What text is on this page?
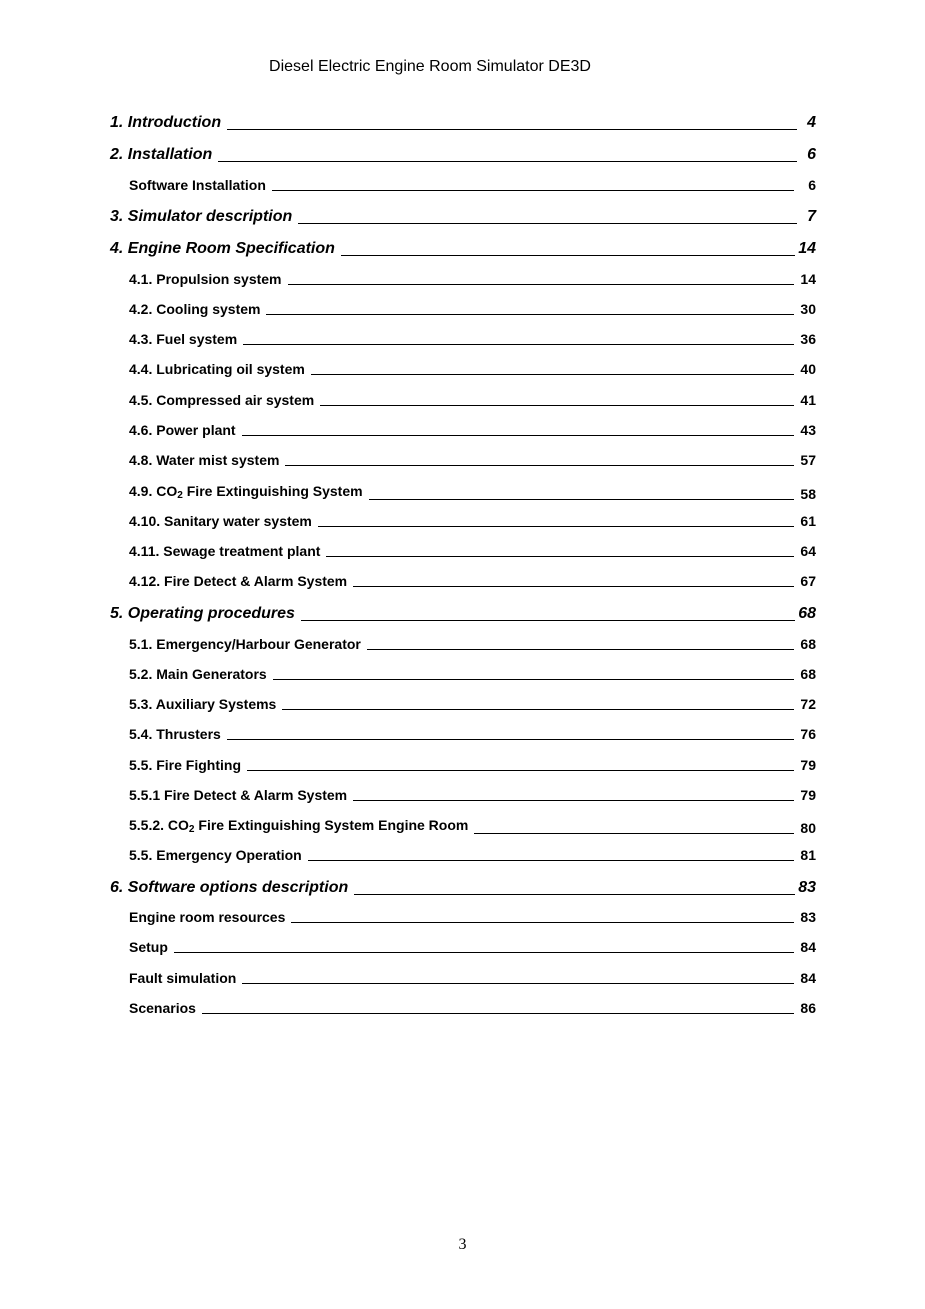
Diesel Electric Engine Room Simulator DE3D
1. Introduction	4
2. Installation	6
Software Installation	6
3. Simulator description	7
4. Engine Room Specification	14
4.1. Propulsion system	14
4.2. Cooling system	30
4.3. Fuel system	36
4.4. Lubricating oil system	40
4.5. Compressed air system	41
4.6. Power plant	43
4.8. Water mist system	57
4.9. $CO_2$ Fire Extinguishing System	58
4.10. Sanitary water system	61
4.11. Sewage treatment plant	64
4.12. Fire Detect & Alarm System	67
5. Operating procedures	68
5.1. Emergency/Harbour Generator	68
5.2. Main Generators	68
5.3. Auxiliary Systems	72
5.4. Thrusters	76
5.5. Fire Fighting	79
5.5.1 Fire Detect & Alarm System	79
5.5.2. $CO_2$ Fire Extinguishing System Engine Room	80
5.5. Emergency Operation	81
6. Software options description	83
Engine room resources	83
Setup	84
Fault simulation	84
Scenarios	86
3
